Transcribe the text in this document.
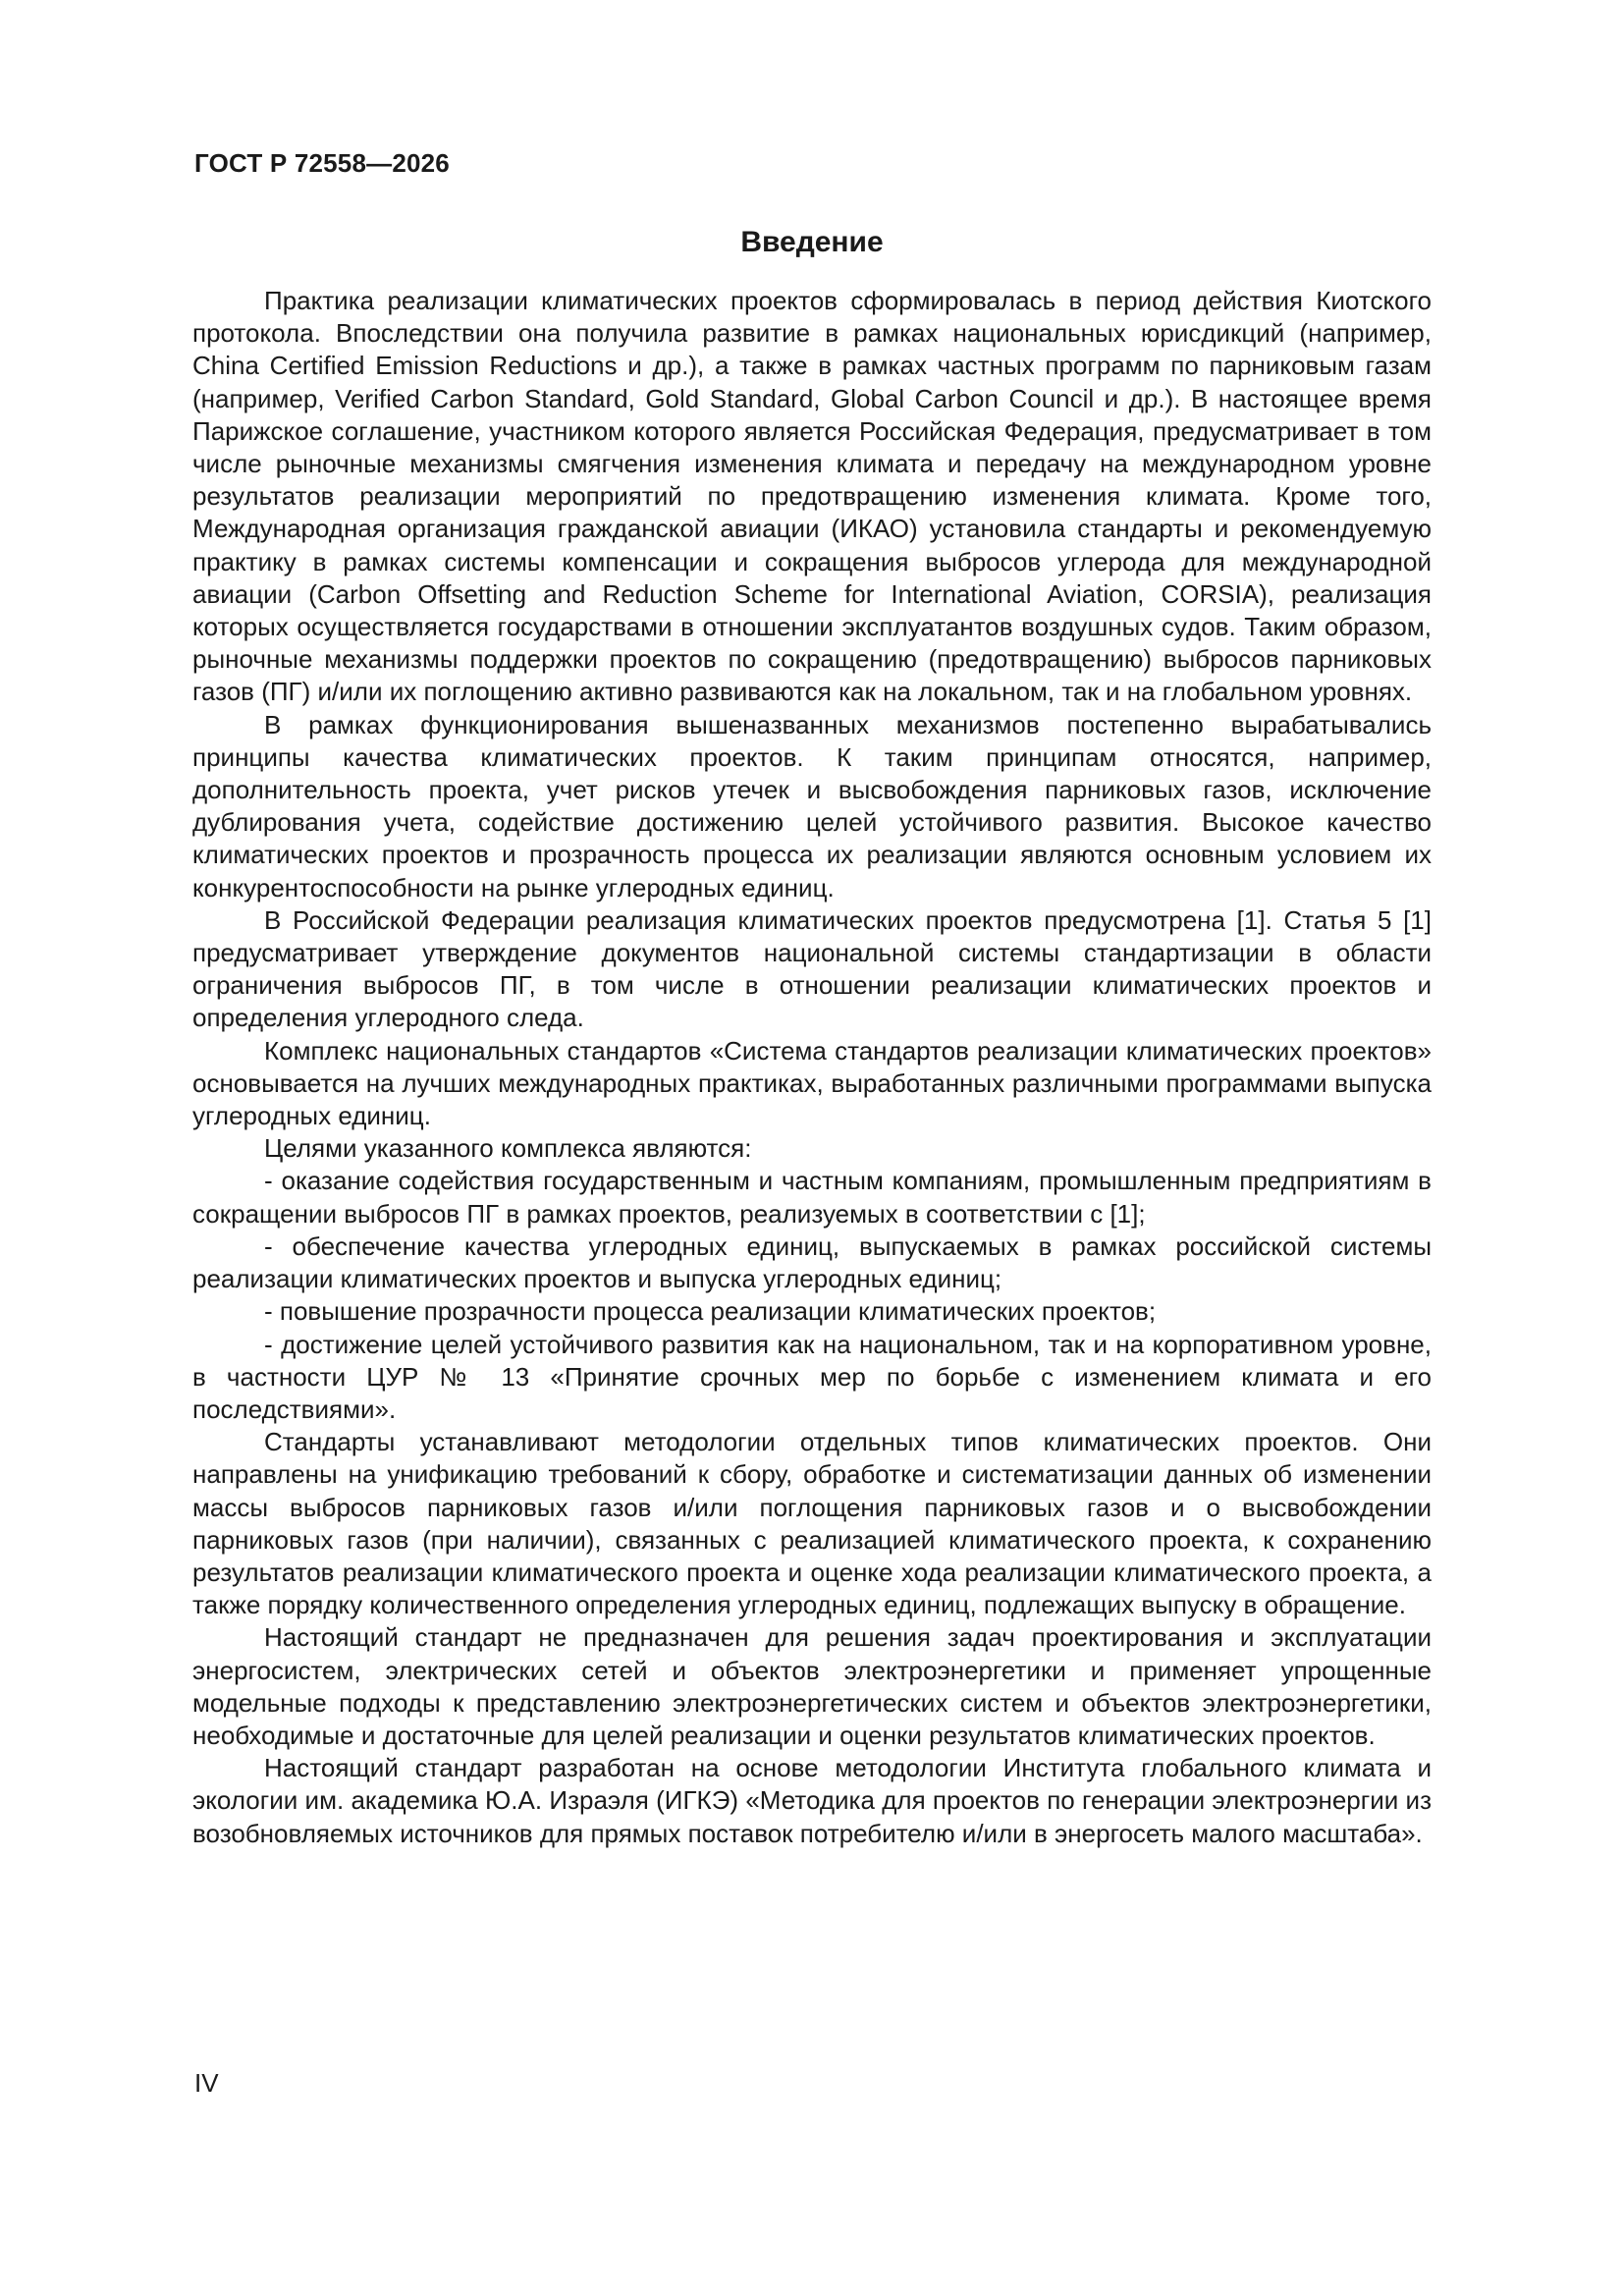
ГОСТ Р 72558—2026
Введение

Практика реализации климатических проектов сформировалась в период действия Киотского протокола. Впоследствии она получила развитие в рамках национальных юрисдикций (например, China Certified Emission Reductions и др.), а также в рамках частных программ по парниковым газам (например, Verified Carbon Standard, Gold Standard, Global Carbon Council и др.). В настоящее время Парижское соглашение, участником которого является Российская Федерация, предусматривает в том числе рыночные механизмы смягчения изменения климата и передачу на международном уровне результатов реализации мероприятий по предотвращению изменения климата. Кроме того, Международная организация гражданской авиации (ИКАО) установила стандарты и рекомендуемую практику в рамках системы компенсации и сокращения выбросов углерода для международной авиации (Carbon Offsetting and Reduction Scheme for International Aviation, CORSIA), реализация которых осуществляется государствами в отношении эксплуатантов воздушных судов. Таким образом, рыночные механизмы поддержки проектов по сокращению (предотвращению) выбросов парниковых газов (ПГ) и/или их поглощению активно развиваются как на локальном, так и на глобальном уровнях.

В рамках функционирования вышеназванных механизмов постепенно вырабатывались принципы качества климатических проектов. К таким принципам относятся, например, дополнительность проекта, учет рисков утечек и высвобождения парниковых газов, исключение дублирования учета, содействие достижению целей устойчивого развития. Высокое качество климатических проектов и прозрачность процесса их реализации являются основным условием их конкурентоспособности на рынке углеродных единиц.

В Российской Федерации реализация климатических проектов предусмотрена [1]. Статья 5 [1] предусматривает утверждение документов национальной системы стандартизации в области ограничения выбросов ПГ, в том числе в отношении реализации климатических проектов и определения углеродного следа.

Комплекс национальных стандартов «Система стандартов реализации климатических проектов» основывается на лучших международных практиках, выработанных различными программами выпуска углеродных единиц.

Целями указанного комплекса являются:

- оказание содействия государственным и частным компаниям, промышленным предприятиям в сокращении выбросов ПГ в рамках проектов, реализуемых в соответствии с [1];

- обеспечение качества углеродных единиц, выпускаемых в рамках российской системы реализации климатических проектов и выпуска углеродных единиц;

- повышение прозрачности процесса реализации климатических проектов;

- достижение целей устойчивого развития как на национальном, так и на корпоративном уровне, в частности ЦУР № 13 «Принятие срочных мер по борьбе с изменением климата и его последствиями».

Стандарты устанавливают методологии отдельных типов климатических проектов. Они направлены на унификацию требований к сбору, обработке и систематизации данных об изменении массы выбросов парниковых газов и/или поглощения парниковых газов и о высвобождении парниковых газов (при наличии), связанных с реализацией климатического проекта, к сохранению результатов реализации климатического проекта и оценке хода реализации климатического проекта, а также порядку количественного определения углеродных единиц, подлежащих выпуску в обращение.

Настоящий стандарт не предназначен для решения задач проектирования и эксплуатации энергосистем, электрических сетей и объектов электроэнергетики и применяет упрощенные модельные подходы к представлению электроэнергетических систем и объектов электроэнергетики, необходимые и достаточные для целей реализации и оценки результатов климатических проектов.

Настоящий стандарт разработан на основе методологии Института глобального климата и экологии им. академика Ю.А. Израэля (ИГКЭ) «Методика для проектов по генерации электроэнергии из возобновляемых источников для прямых поставок потребителю и/или в энергосеть малого масштаба».

IV
